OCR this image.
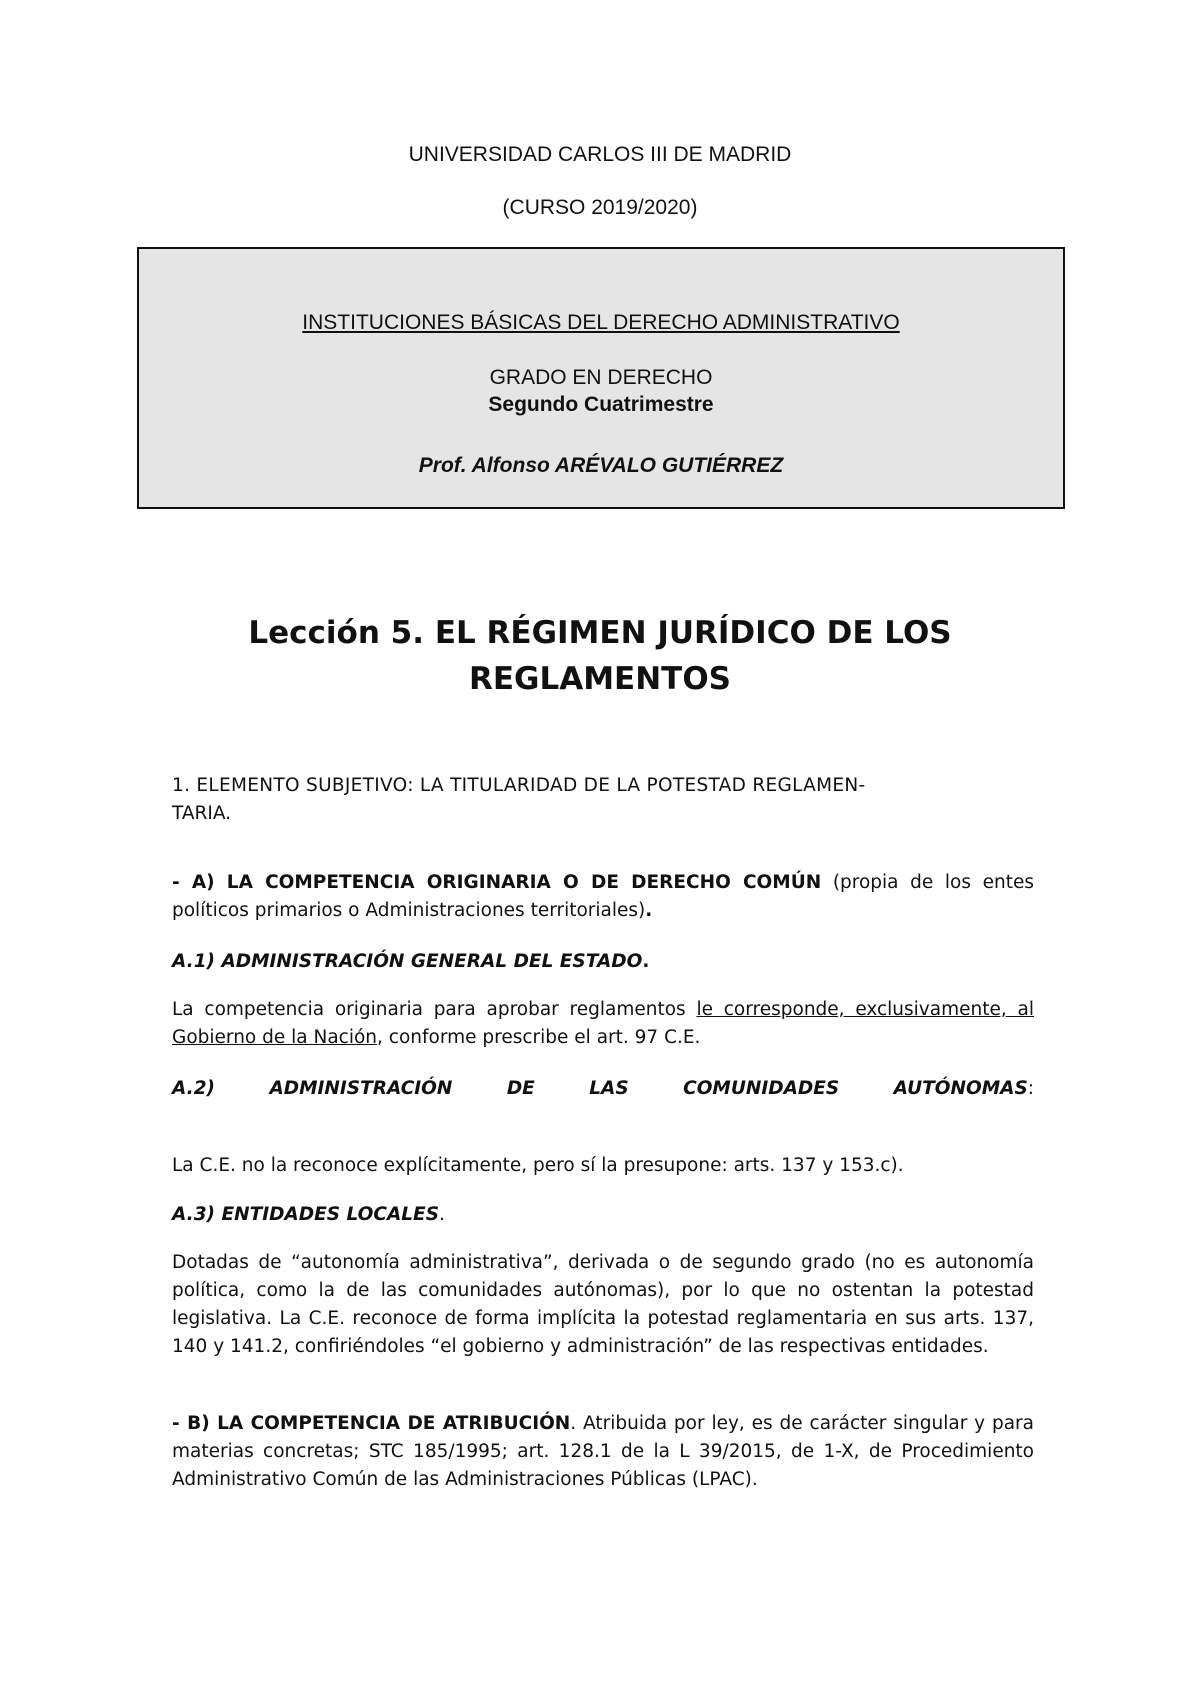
UNIVERSIDAD CARLOS III DE MADRID
(CURSO 2019/2020)
INSTITUCIONES BÁSICAS DEL DERECHO ADMINISTRATIVO
GRADO EN DERECHO
Segundo Cuatrimestre
Prof. Alfonso ARÉVALO GUTIÉRREZ
Lección 5. EL RÉGIMEN JURÍDICO DE LOS
REGLAMENTOS
1. ELEMENTO SUBJETIVO: LA TITULARIDAD DE LA POTESTAD REGLAMEN-
TARIA.
- A) LA COMPETENCIA ORIGINARIA O DE DERECHO COMÚN (propia de los entes políticos primarios o Administraciones territoriales).
A.1) ADMINISTRACIÓN GENERAL DEL ESTADO.
La competencia originaria para aprobar reglamentos le corresponde, exclusivamente, al Gobierno de la Nación, conforme prescribe el art. 97 C.E.
A.2) ADMINISTRACIÓN DE LAS COMUNIDADES AUTÓNOMAS:
La C.E. no la reconoce explícitamente, pero sí la presupone: arts. 137 y 153.c).
A.3) ENTIDADES LOCALES.
Dotadas de “autonomía administrativa”, derivada o de segundo grado (no es autonomía política, como la de las comunidades autónomas), por lo que no ostentan la potestad legislativa. La C.E. reconoce de forma implícita la potestad reglamentaria en sus arts. 137, 140 y 141.2, confiriéndoles “el gobierno y administración” de las respectivas entidades.
- B) LA COMPETENCIA DE ATRIBUCIÓN. Atribuida por ley, es de carácter singular y para materias concretas; STC 185/1995; art. 128.1 de la L 39/2015, de 1-X, de Procedimiento Administrativo Común de las Administraciones Públicas (LPAC).
